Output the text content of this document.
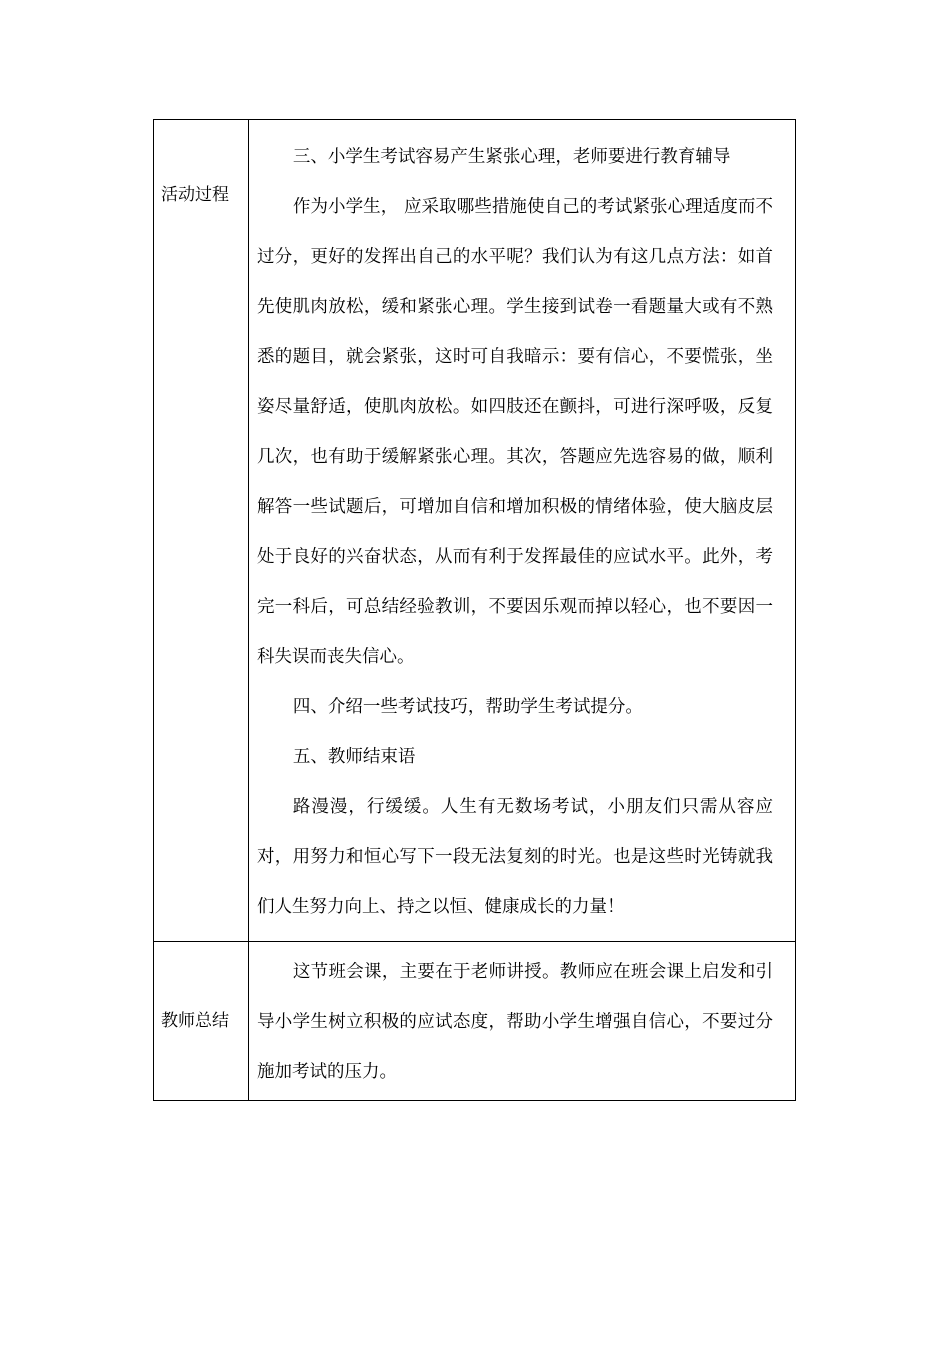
活动过程	三、小学生考试容易产生紧张心理，老师要进行教育辅导

作为小学生， 应采取哪些措施使自己的考试紧张心理适度而不过分，更好的发挥出自己的水平呢？我们认为有这几点方法：如首先使肌肉放松，缓和紧张心理。学生接到试卷一看题量大或有不熟悉的题目，就会紧张，这时可自我暗示：要有信心，不要慌张，坐姿尽量舒适，使肌肉放松。如四肢还在颤抖，可进行深呼吸，反复几次，也有助于缓解紧张心理。其次，答题应先选容易的做，顺利解答一些试题后，可增加自信和增加积极的情绪体验，使大脑皮层处于良好的兴奋状态，从而有利于发挥最佳的应试水平。此外，考完一科后，可总结经验教训，不要因乐观而掉以轻心，也不要因一科失误而丧失信心。

四、介绍一些考试技巧，帮助学生考试提分。

五、教师结束语

路漫漫，行缓缓。人生有无数场考试，小朋友们只需从容应对，用努力和恒心写下一段无法复刻的时光。也是这些时光铸就我们人生努力向上、持之以恒、健康成长的力量！

教师总结	这节班会课，主要在于老师讲授。教师应在班会课上启发和引导小学生树立积极的应试态度，帮助小学生增强自信心，不要过分施加考试的压力。
